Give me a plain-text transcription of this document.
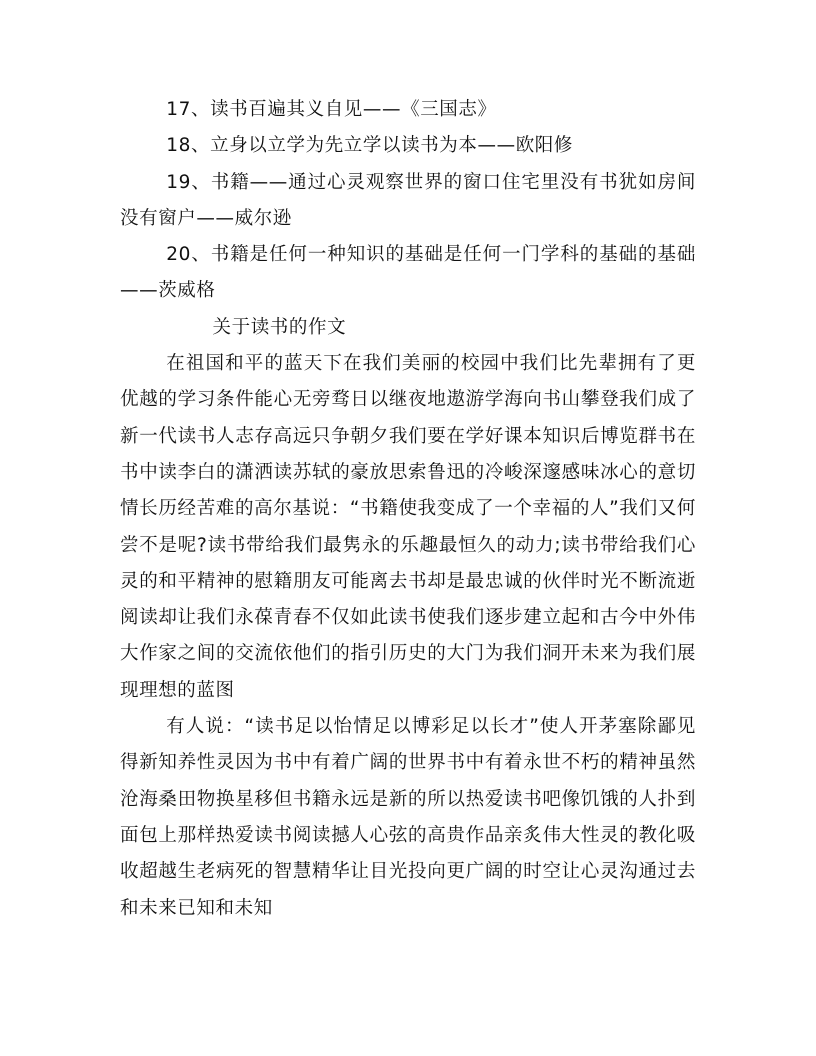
17、读书百遍其义自见——《三国志》

18、立身以立学为先立学以读书为本——欧阳修

19、书籍——通过心灵观察世界的窗口住宅里没有书犹如房间没有窗户——威尔逊

20、书籍是任何一种知识的基础是任何一门学科的基础的基础——茨威格

关于读书的作文

在祖国和平的蓝天下在我们美丽的校园中我们比先辈拥有了更优越的学习条件能心无旁骛日以继夜地遨游学海向书山攀登我们成了新一代读书人志存高远只争朝夕我们要在学好课本知识后博览群书在书中读李白的潇洒读苏轼的豪放思索鲁迅的冷峻深邃感味冰心的意切情长历经苦难的高尔基说：“书籍使我变成了一个幸福的人”我们又何尝不是呢?读书带给我们最隽永的乐趣最恒久的动力;读书带给我们心灵的和平精神的慰籍朋友可能离去书却是最忠诚的伙伴时光不断流逝阅读却让我们永葆青春不仅如此读书使我们逐步建立起和古今中外伟大作家之间的交流依他们的指引历史的大门为我们洞开未来为我们展现理想的蓝图

有人说：“读书足以怡情足以博彩足以长才”使人开茅塞除鄙见得新知养性灵因为书中有着广阔的世界书中有着永世不朽的精神虽然沧海桑田物换星移但书籍永远是新的所以热爱读书吧像饥饿的人扑到面包上那样热爱读书阅读撼人心弦的高贵作品亲炙伟大性灵的教化吸收超越生老病死的智慧精华让目光投向更广阔的时空让心灵沟通过去和未来已知和未知
